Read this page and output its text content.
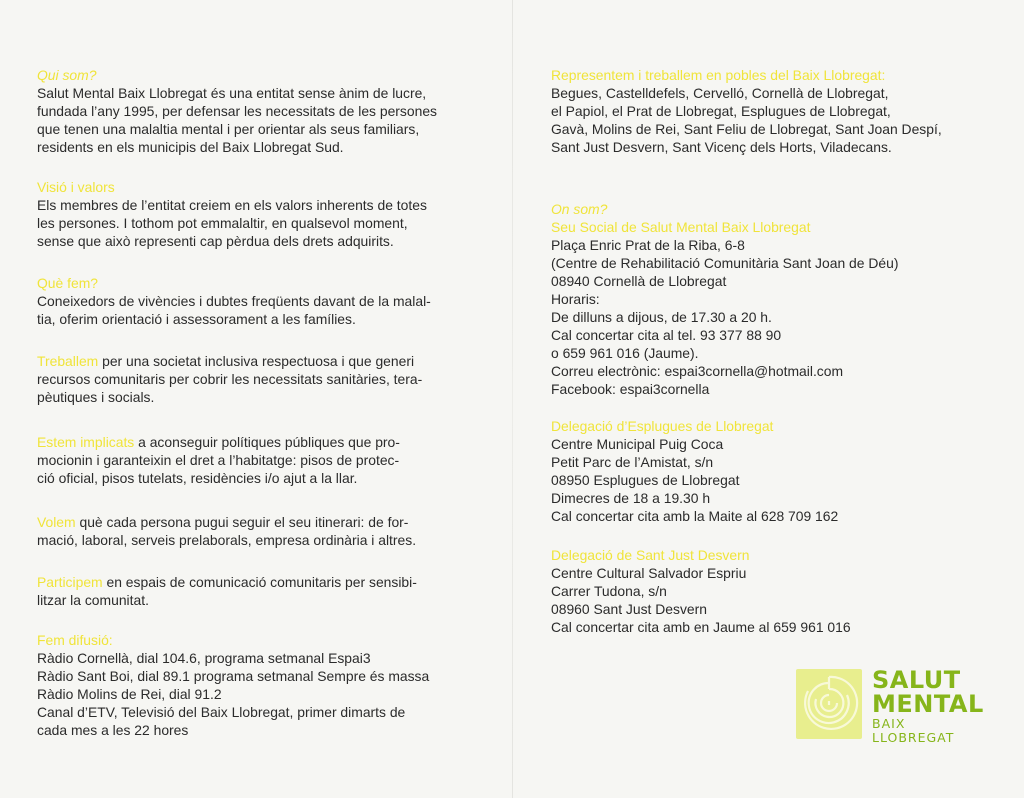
Qui som?
Salut Mental Baix Llobregat és una entitat sense ànim de lucre,
fundada l’any 1995, per defensar les necessitats de les persones
que tenen una malaltia mental i per orientar als seus familiars,
residents en els municipis del Baix Llobregat Sud.
Visió i valors
Els membres de l’entitat creiem en els valors inherents de totes
les persones. I tothom pot emmalaltir, en qualsevol moment,
sense que això representi cap pèrdua dels drets adquirits.
Què fem?
Coneixedors de vivències i dubtes freqüents davant de la malal-
tia, oferim orientació i assessorament a les famílies.
Treballem per una societat inclusiva respectuosa i que generi
recursos comunitaris per cobrir les necessitats sanitàries, tera-
pèutiques i socials.
Estem implicats a aconseguir polítiques públiques que pro-
mocionin i garanteixin el dret a l’habitatge: pisos de protec-
ció oficial, pisos tutelats, residències i/o ajut a la llar.
Volem què cada persona pugui seguir el seu itinerari: de for-
mació, laboral, serveis prelaborals, empresa ordinària i altres.
Participem en espais de comunicació comunitaris per sensibi-
litzar la comunitat.
Fem difusió:
Ràdio Cornellà, dial 104.6, programa setmanal Espai3
Ràdio Sant Boi, dial 89.1 programa setmanal Sempre és massa
Ràdio Molins de Rei, dial 91.2
Canal d’ETV, Televisió del Baix Llobregat, primer dimarts de
cada mes a les 22 hores
Representem i treballem en pobles del Baix Llobregat:
Begues, Castelldefels, Cervelló, Cornellà de Llobregat,
el Papiol, el Prat de Llobregat, Esplugues de Llobregat,
Gavà, Molins de Rei, Sant Feliu de Llobregat, Sant Joan Despí,
Sant Just Desvern, Sant Vicenç dels Horts, Viladecans.
On som?
Seu Social de Salut Mental Baix Llobregat
Plaça Enric Prat de la Riba, 6-8
(Centre de Rehabilitació Comunitària Sant Joan de Déu)
08940 Cornellà de Llobregat
Horaris:
De dilluns a dijous, de 17.30 a 20 h.
Cal concertar cita al tel. 93 377 88 90
o 659 961 016 (Jaume).
Correu electrònic: espai3cornella@hotmail.com
Facebook: espai3cornella
Delegació d’Esplugues de Llobregat
Centre Municipal Puig Coca
Petit Parc de l’Amistat, s/n
08950 Esplugues de Llobregat
Dimecres de 18 a 19.30 h
Cal concertar cita amb la Maite al 628 709 162
Delegació de Sant Just Desvern
Centre Cultural Salvador Espriu
Carrer Tudona, s/n
08960 Sant Just Desvern
Cal concertar cita amb en Jaume al 659 961 016
SALUT
MENTAL
BAIX LLOBREGAT
